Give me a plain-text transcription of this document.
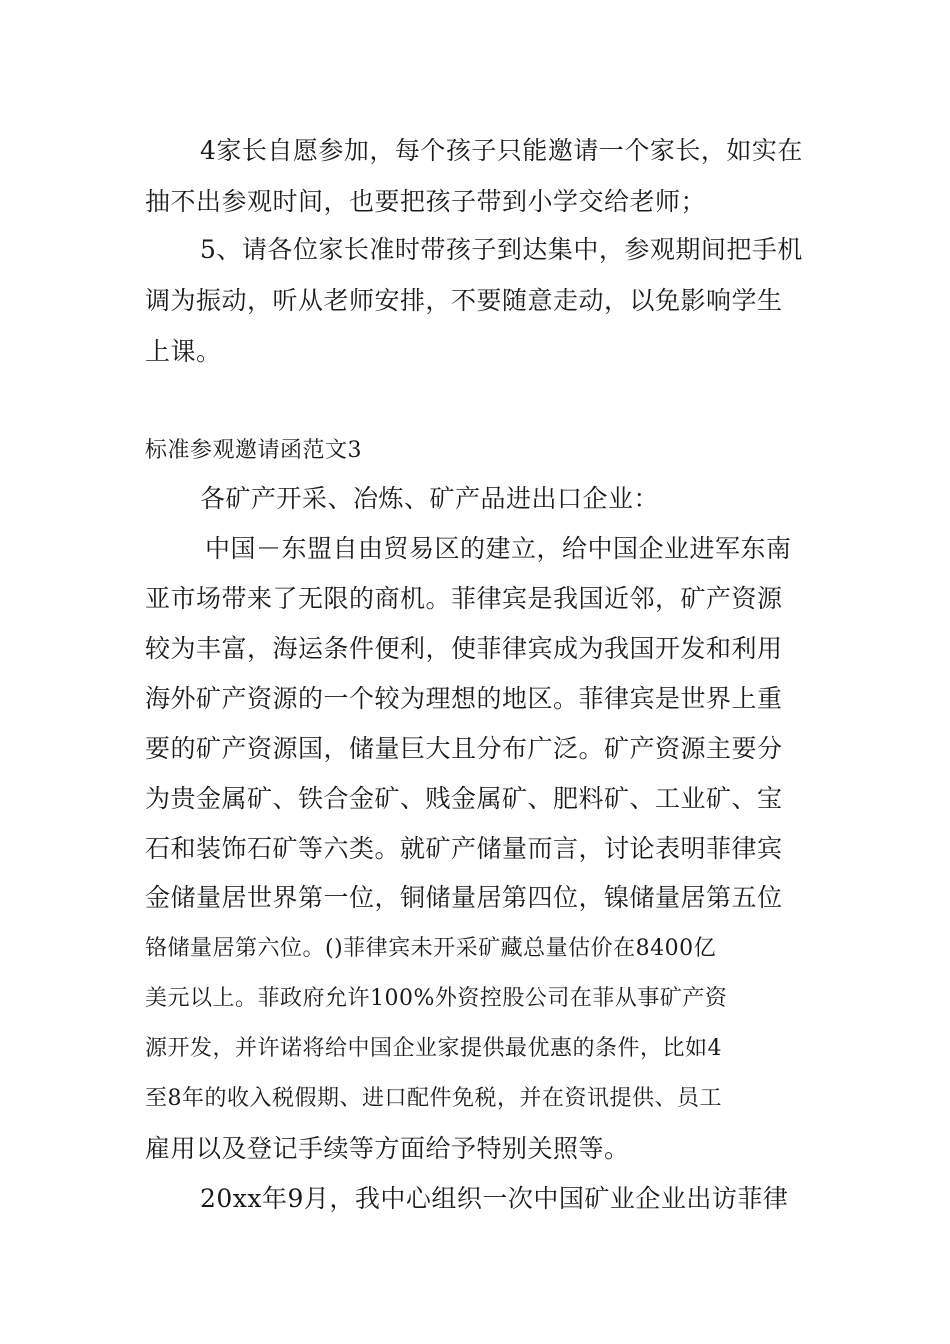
4家长自愿参加，每个孩子只能邀请一个家长，如实在
抽不出参观时间，也要把孩子带到小学交给老师；
5、请各位家长准时带孩子到达集中，参观期间把手机
调为振动，听从老师安排，不要随意走动，以免影响学生
上课。
标准参观邀请函范文3
各矿产开采、冶炼、矿产品进出口企业：
中国－东盟自由贸易区的建立，给中国企业进军东南
亚市场带来了无限的商机。菲律宾是我国近邻，矿产资源
较为丰富，海运条件便利，使菲律宾成为我国开发和利用
海外矿产资源的一个较为理想的地区。菲律宾是世界上重
要的矿产资源国，储量巨大且分布广泛。矿产资源主要分
为贵金属矿、铁合金矿、贱金属矿、肥料矿、工业矿、宝
石和装饰石矿等六类。就矿产储量而言，讨论表明菲律宾
金储量居世界第一位，铜储量居第四位，镍储量居第五位
铬储量居第六位。()菲律宾未开采矿藏总量估价在8400亿
美元以上。菲政府允许100%外资控股公司在菲从事矿产资
源开发，并许诺将给中国企业家提供最优惠的条件，比如4
至8年的收入税假期、进口配件免税，并在资讯提供、员工
雇用以及登记手续等方面给予特别关照等。
20xx年9月，我中心组织一次中国矿业企业出访菲律
